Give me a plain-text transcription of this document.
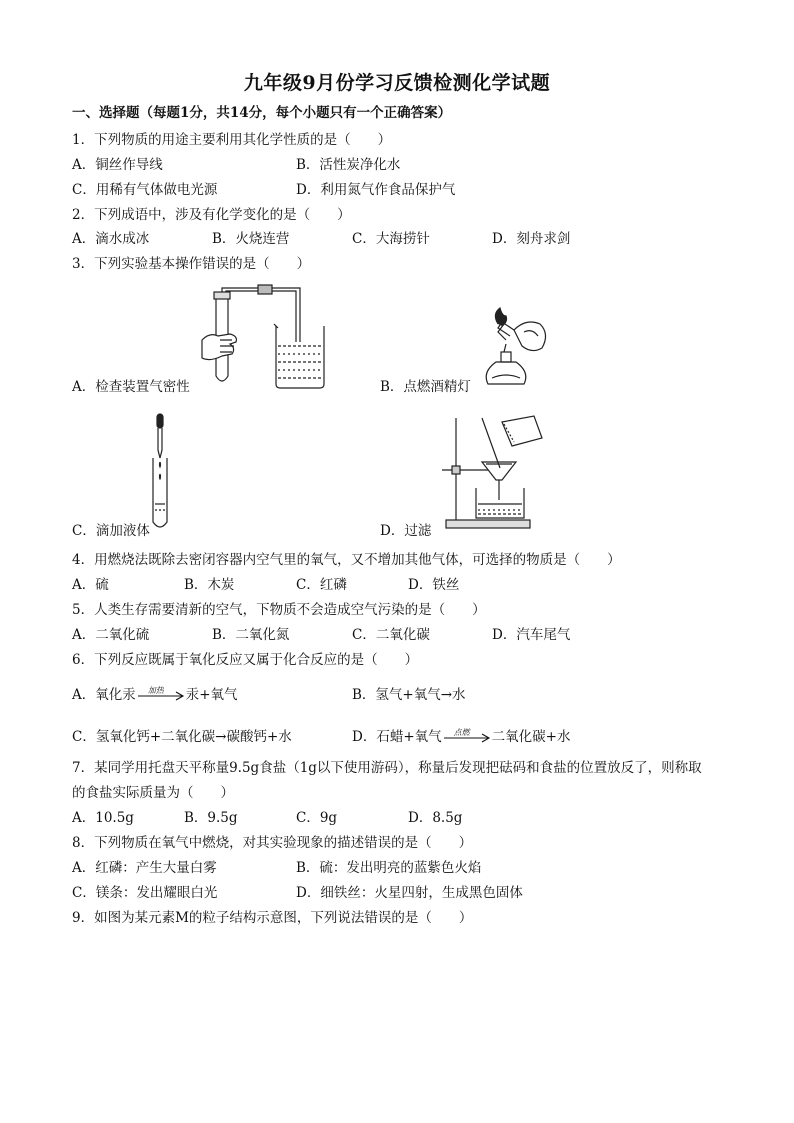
九年级9月份学习反馈检测化学试题
一、选择题（每题1分，共14分，每个小题只有一个正确答案）
1．下列物质的用途主要利用其化学性质的是（　　）
A．铜丝作导线	B．活性炭净化水
C．用稀有气体做电光源	D．利用氮气作食品保护气
2．下列成语中，涉及有化学变化的是（　　）
A．滴水成冰	B．火烧连营	C．大海捞针	D．刻舟求剑
3．下列实验基本操作错误的是（　　）
A．检查装置气密性	B．点燃酒精灯
C．滴加液体	D．过滤
4．用燃烧法既除去密闭容器内空气里的氧气，又不增加其他气体，可选择的物质是（　　）
A．硫	B．木炭	C．红磷	D．铁丝
5．人类生存需要清新的空气，下物质不会造成空气污染的是（　　）
A．二氧化硫	B．二氧化氮	C．二氧化碳	D．汽车尾气
6．下列反应既属于氧化反应又属于化合反应的是（　　）
A．氧化汞 加热 汞+氧气	B．氢气+氧气→水
C．氢氧化钙+二氧化碳→碳酸钙+水	D．石蜡+氧气 点燃 二氧化碳+水
7．某同学用托盘天平称量9.5g食盐（1g以下使用游码），称量后发现把砝码和食盐的位置放反了，则称取
的食盐实际质量为（　　）
A．10.5g	B．9.5g	C．9g	D．8.5g
8．下列物质在氧气中燃烧，对其实验现象的描述错误的是（　　）
A．红磷：产生大量白雾	B．硫：发出明亮的蓝紫色火焰
C．镁条：发出耀眼白光	D．细铁丝：火星四射，生成黑色固体
9．如图为某元素M的粒子结构示意图，下列说法错误的是（　　）
